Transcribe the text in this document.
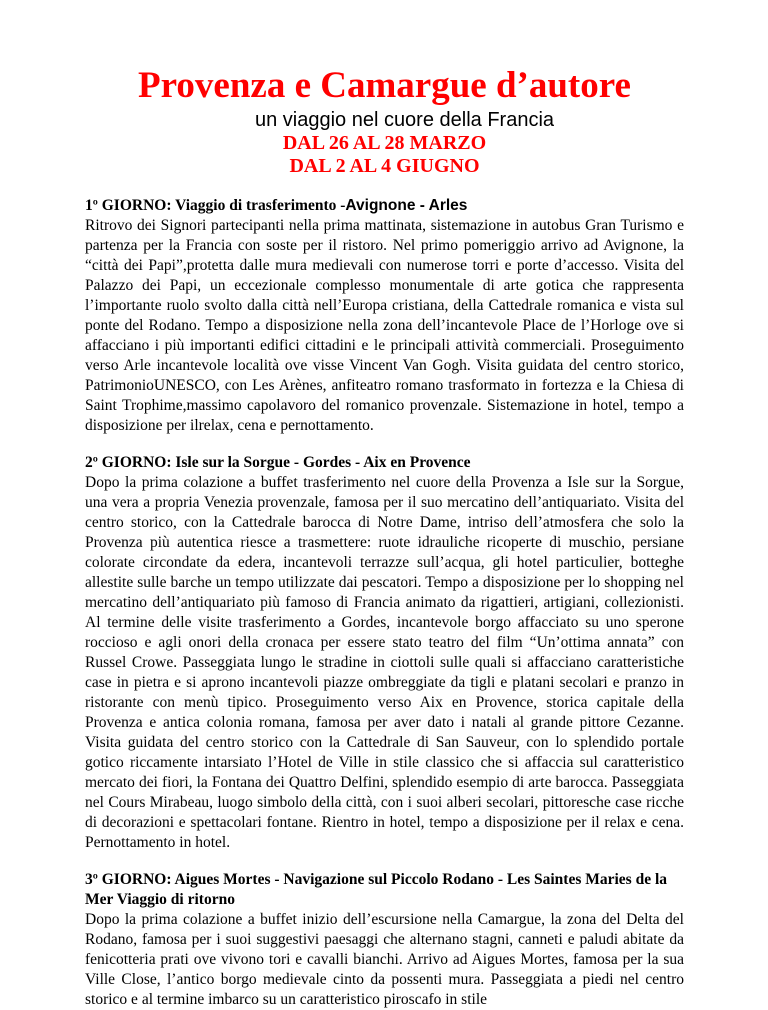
Provenza e Camargue d’autore

un viaggio nel cuore della Francia

DAL 26 AL 28 MARZO

DAL 2 AL 4 GIUGNO

1º GIORNO: Viaggio di trasferimento -Avignone - Arles

Ritrovo dei Signori partecipanti nella prima mattinata, sistemazione in autobus Gran Turismo e partenza per la Francia con soste per il ristoro. Nel primo pomeriggio arrivo ad Avignone, la “città dei Papi”,protetta dalle mura medievali con numerose torri e porte d’accesso. Visita del Palazzo dei Papi, un eccezionale complesso monumentale di arte gotica che rappresenta l’importante ruolo svolto dalla città nell’Europa cristiana, della Cattedrale romanica e vista sul ponte del Rodano. Tempo a disposizione nella zona dell’incantevole Place de l’Horloge ove si affacciano i più importanti edifici cittadini e le principali attività commerciali. Proseguimento verso Arle incantevole località ove visse Vincent Van Gogh. Visita guidata del centro storico, PatrimonioUNESCO, con Les Arènes, anfiteatro romano trasformato in fortezza e la Chiesa di Saint Trophime,massimo capolavoro del romanico provenzale. Sistemazione in hotel, tempo a disposizione per ilrelax, cena e pernottamento.

2º GIORNO: Isle sur la Sorgue - Gordes - Aix en Provence

Dopo la prima colazione a buffet trasferimento nel cuore della Provenza a Isle sur la Sorgue, una vera a propria Venezia provenzale, famosa per il suo mercatino dell’antiquariato. Visita del centro storico, con la Cattedrale barocca di Notre Dame, intriso dell’atmosfera che solo la Provenza più autentica riesce a trasmettere: ruote idrauliche ricoperte di muschio, persiane colorate circondate da edera, incantevoli terrazze sull’acqua, gli hotel particulier, botteghe allestite sulle barche un tempo utilizzate dai pescatori. Tempo a disposizione per lo shopping nel mercatino dell’antiquariato più famoso di Francia animato da rigattieri, artigiani, collezionisti. Al termine delle visite trasferimento a Gordes, incantevole borgo affacciato su uno sperone roccioso e agli onori della cronaca per essere stato teatro del film “Un’ottima annata” con Russel Crowe. Passeggiata lungo le stradine in ciottoli sulle quali si affacciano caratteristiche case in pietra e si aprono incantevoli piazze ombreggiate da tigli e platani secolari e pranzo in ristorante con menù tipico. Proseguimento verso Aix en Provence, storica capitale della Provenza e antica colonia romana, famosa per aver dato i natali al grande pittore Cezanne. Visita guidata del centro storico con la Cattedrale di San Sauveur, con lo splendido portale gotico riccamente intarsiato l’Hotel de Ville in stile classico che si affaccia sul caratteristico mercato dei fiori, la Fontana dei Quattro Delfini, splendido esempio di arte barocca. Passeggiata nel Cours Mirabeau, luogo simbolo della città, con i suoi alberi secolari, pittoresche case ricche di decorazioni e spettacolari fontane. Rientro in hotel, tempo a disposizione per il relax e cena. Pernottamento in hotel.

3º GIORNO: Aigues Mortes - Navigazione sul Piccolo Rodano - Les Saintes Maries de la Mer Viaggio di ritorno

Dopo la prima colazione a buffet inizio dell’escursione nella Camargue, la zona del Delta del Rodano, famosa per i suoi suggestivi paesaggi che alternano stagni, canneti e paludi abitate da fenicotteria prati ove vivono tori e cavalli bianchi. Arrivo ad Aigues Mortes, famosa per la sua Ville Close, l’antico borgo medievale cinto da possenti mura. Passeggiata a piedi nel centro storico e al termine imbarco su un caratteristico piroscafo in stile
